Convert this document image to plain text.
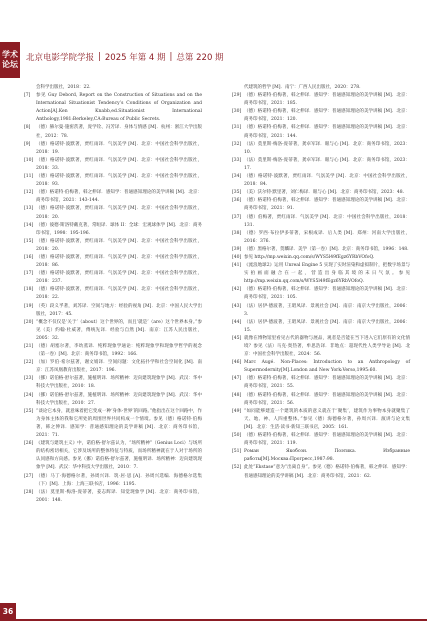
学术
论坛
北京电影学院学报 | 2025 年第 4 期 | 总第 220 期
会科学出版社，2018：22.
[7]	参见 Guy Debord, Report on the Construction of Situations and on the International Situationist Tendency’s Conditions of Organization and Action[A].Ken Knabb,ed.Situationist International Anthology,1981:Berkeley,CA:Bureau of Public Secrets.
[8]	（德）赫尔曼·施密茨著，庞学铨、冯芳译．身体与情感 [M]．杭州：浙江大学出版社，2012：78.
[9]	（德）格诺特·波默著，贾红雨译．气氛美学 [M]．北京：中国社会科学出版社，2018：19.
[10] （德）格诺特·波默著，贾红雨译．气氛美学 [M]．北京：中国社会科学出版社，2018：33.
[11] （德）格诺特·波默著，贾红雨译．气氛美学 [M]．北京：中国社会科学出版社，2018：93.
[12] （德）格诺特·伯梅著，韩之伸译．感知学：普通感知理论的美学讲稿 [M]．北京：商务印书馆，2021：143-144.
[13] （德）格诺特·波默著，贾红雨译．气氛美学 [M]．北京：中国社会科学出版社，2018：20.
[14] （德）彼德·斯洛特戴克著，常晅译．球体 II：全球：宏观球体学 [M]．北京：商务印书馆，1998：195-196.
[15] （德）格诺特·波默著，贾红雨译．气氛美学 [M]．北京：中国社会科学出版社，2018：20.
[16] （德）格诺特·波默著，贾红雨译．气氛美学 [M]．北京：中国社会科学出版社，2018：86.
[17] （德）格诺特·波默著，贾红雨译．气氛美学 [M]．北京：中国社会科学出版社，2018：237.
[18] （德）格诺特·波默著，贾红雨译．气氛美学 [M]．北京：中国社会科学出版社，2018：22.
[19] （英）段义孚著，刘苏译．空间与地方：经验的视角 [M]．北京：中国人民大学出版社，2017：45.
[20] “概念不仅仅是‘关于’（about）这个世界的，而且‘就是’（are）这个世界本身。”参见（美）约翰·杜威著，傅统先译．经验与自然 [M]．南京：江苏人民出版社，2005：32.
[21] （德）胡塞尔著，李幼蒸译．纯粹现象学通论：纯粹现象学和现象学哲学的观念（第一卷）[M]．北京：商务印书馆，1992：166.
[22] （加）罗伯·希尔兹著，谢文娟译．空间问题：文化拓扑学和社会空间化 [M]．南京：江苏凤凰教育出版社，2017：196.
[23] （挪）诺伯格-舒尔兹著，施植明译．场所精神：迈向建筑现象学 [M]．武汉：华中科技大学出版社，2010：18.
[24] （挪）诺伯格-舒尔兹著，施植明译．场所精神：迈向建筑现象学 [M]．武汉：华中科技大学出版社，2010：27.
[25] “谈论它本身，就意味着把它变成一种‘身体-世界’的回路。”他指出在这个回路中，作为身体主体的我和它所处的周围世界共同构成一个情境。参见（德）格诺特·伯梅著，韩之伸译．感知学：普通感知理论的美学讲稿 [M]．北京：商务印书馆，2021：71.
[26] 《建筑与建筑主义》中，诺伯格-舒尔兹认为，“场所精神”（Genius Loci）与场所的结构密切相关，它涉及场所的整体特征与特质，而场所精神就在于人对于场所的认同感和方向感。参见（挪）诺伯格-舒尔兹著，施植明译．场所精神：迈向建筑现象学 [M]．武汉：华中科技大学出版社，2010：7.
[27] （德）马丁·海德格尔著，孙周兴译．筑·居·思 [A]．孙周兴选编．海德格尔选集（下）[M]．上海：上海三联书店，1996：1195.
[28] （法）莫里斯·梅洛-庞蒂著，姜志辉译．知觉现象学 [M]．北京：商务印书馆，2001：148.
代建筑的哲学 [M]．南宁：广西人民出版社，2020：278.
[29] （德）格诺特·伯梅著，韩之伸译．感知学：普通感知理论的美学讲稿 [M]．北京：商务印书馆，2021：185.
[30] （德）格诺特·伯梅著，韩之伸译．感知学：普通感知理论的美学讲稿 [M]．北京：商务印书馆，2021：120.
[31] （德）格诺特·伯梅著，韩之伸译．感知学：普通感知理论的美学讲稿 [M]．北京：商务印书馆，2021：144.
[32] （法）莫里斯·梅洛-庞蒂著，龚卓军译．眼与心 [M]．北京：商务印书馆，2023：10.
[33] （法）莫里斯·梅洛-庞蒂著，龚卓军译．眼与心 [M]．北京：商务印书馆，2023：17.
[34] （德）格诺特·波默著，贾红雨译．气氛美学 [M]．北京：中国社会科学出版社，2018：84.
[35] （美）沃尔特·默里著，刘仁梅译．眼与心 [M]．北京：商务印书馆，2023：48.
[36] （德）格诺特·伯梅著，韩之伸译．感知学：普通感知理论的美学讲稿 [M]．北京：商务印书馆，2021：91.
[37] （德）伯梅著，贾红雨译．气氛美学 [M]．北京：中国社会科学出版社，2018：131.
[38] （德）罗西·布拉伊多蒂著，宋根成译．后人类 [M]．郑州：河南大学出版社，2016：376.
[39] （德）黑格尔著，贺麟译．美学（第一卷）[M]．北京：商务印书馆，1996：148.
[40] 参见 http://mp.weixin.qq.com/s/WYS5l49fEgz6YRbVOfoQ.
[41] 《流浪地球2》运用 Unreal Engine 5 实现了实时渲染和虚拟制片，把数字场景与实拍画面融合在一起，营造出身临其境的末日气氛。参见 http://mp.weixin.qq.com/s/WYS5l49fEgz6YRbVOfoQ.
[42] （德）格诺特·伯梅著，韩之伸译．感知学：普通感知理论的美学讲稿 [M]．北京：商务印书馆，2021：105.
[43] （法）居伊·德波著，王昭凤译．景观社会 [M]．南京：南京大学出版社，2006：3.
[44] （法）居伊·德波著，王昭凤译．景观社会 [M]．南京：南京大学出版社，2006：15.
[45] 就像在博物馆里看见古代的器物与展品，观者是否能在当下进入它们原有的文化情境？参见（法）马克·奥热著，牟思浩译．非地点：超现代性人类学导论 [M]．北京：中国社会科学出版社，2024：56.
[46] Marc Augé. Non-Places: Introduction to an Anthropology of Supermodernity[M].London and New York:Verso,1995:60.
[47] （德）格诺特·伯梅著，韩之伸译．感知学：普通感知理论的美学讲稿 [M]．北京：商务印书馆，2021：55.
[48] （德）格诺特·伯梅著，韩之伸译．感知学：普通感知理论的美学讲稿 [M]．北京：商务印书馆，2021：56.
[49] “如同能够建造一个建筑的本质的意义就在于‘聚集’，建筑作为事物本身就聚集了天、地、神、人四重整体。”参见（德）海德格尔著，孙周兴译．演讲与论文集 [M]．北京：生活·读书·新知三联书店，2005：161.
[50] （德）格诺特·伯梅著，韩之伸译．感知学：普通感知理论的美学讲稿 [M]．北京：商务印书馆，2021：119.
[51] Роман Якобсон. Поэтика. Избранные работы[M].Москва:Прогресс,1987:98.
[52] 此处“Ekstase”意为“出离自身”。参见（德）格诺特·伯梅著，韩之伸译．感知学：普通感知理论的美学讲稿 [M]．北京：商务印书馆，2021：62.
36
